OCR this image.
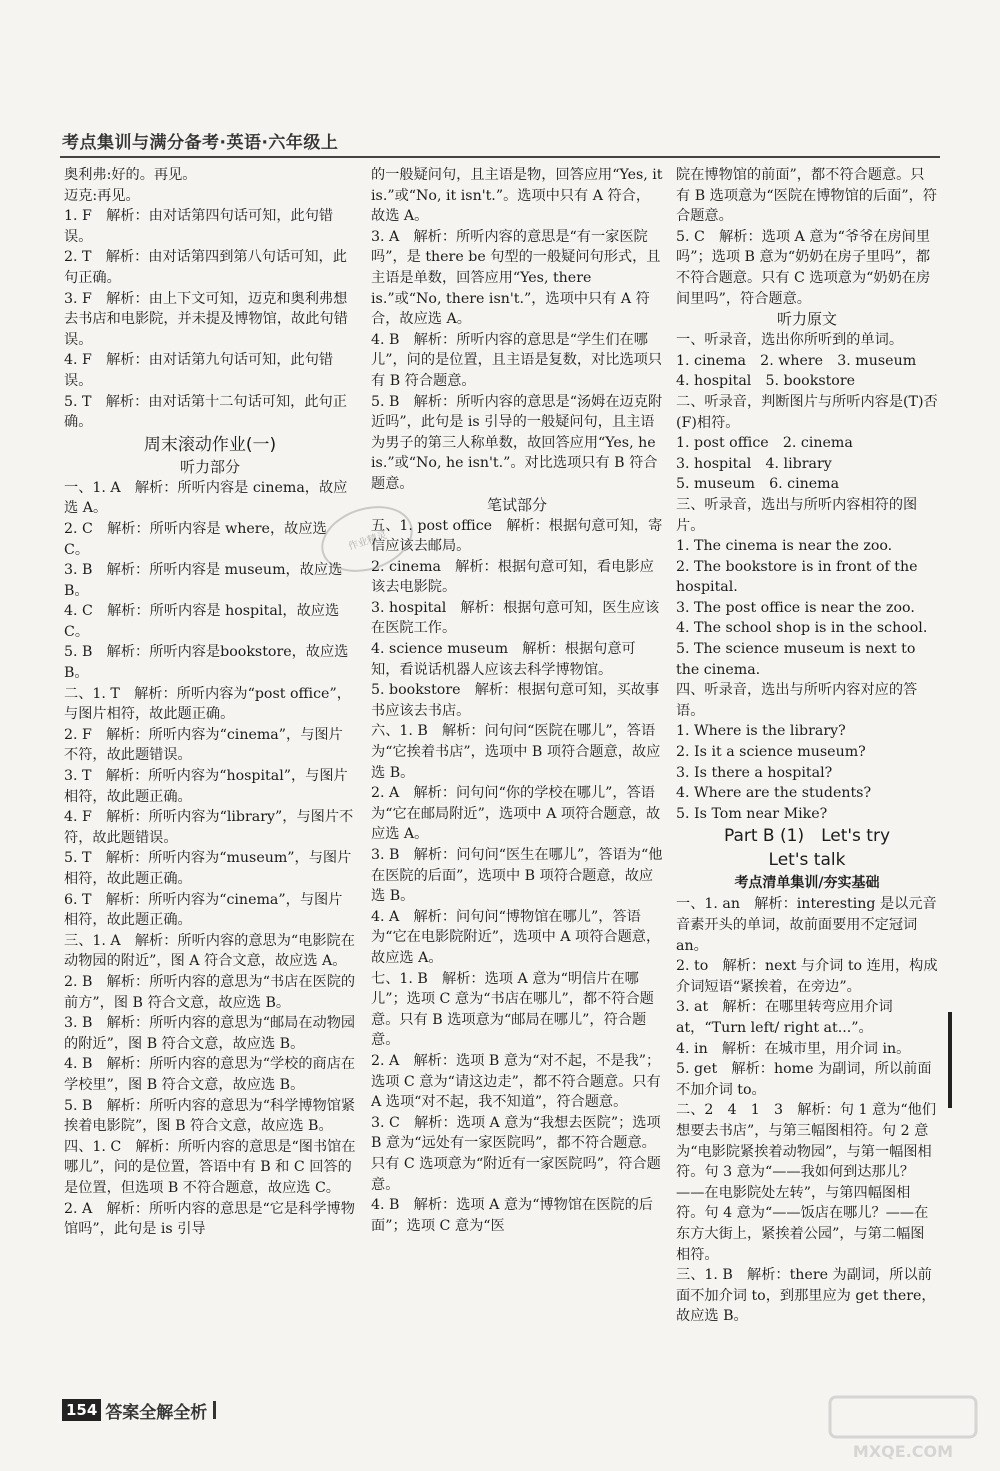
考点集训与满分备考·英语·六年级上

奥利弗:好的。再见。

迈克:再见。

1. F　解析：由对话第四句话可知，此句错误。

2. T　解析：由对话第四到第八句话可知，此句正确。

3. F　解析：由上下文可知，迈克和奥利弗想去书店和电影院，并未提及博物馆，故此句错误。

4. F　解析：由对话第九句话可知，此句错误。

5. T　解析：由对话第十二句话可知，此句正确。

周末滚动作业(一)
听力部分

一、1. A　解析：所听内容是 cinema，故应选 A。

2. C　解析：所听内容是 where，故应选 C。

3. B　解析：所听内容是 museum，故应选 B。

4. C　解析：所听内容是 hospital，故应选 C。

5. B　解析：所听内容是bookstore，故应选 B。

二、1. T　解析：所听内容为“post office”，与图片相符，故此题正确。

2. F　解析：所听内容为“cinema”，与图片不符，故此题错误。

3. T　解析：所听内容为“hospital”，与图片相符，故此题正确。

4. F　解析：所听内容为“library”，与图片不符，故此题错误。

5. T　解析：所听内容为“museum”，与图片相符，故此题正确。

6. T　解析：所听内容为“cinema”，与图片相符，故此题正确。

三、1. A　解析：所听内容的意思为“电影院在动物园的附近”，图 A 符合文意，故应选 A。

2. B　解析：所听内容的意思为“书店在医院的前方”，图 B 符合文意，故应选 B。

3. B　解析：所听内容的意思为“邮局在动物园的附近”，图 B 符合文意，故应选 B。

4. B　解析：所听内容的意思为“学校的商店在学校里”，图 B 符合文意，故应选 B。

5. B　解析：所听内容的意思为“科学博物馆紧挨着电影院”，图 B 符合文意，故应选 B。

四、1. C　解析：所听内容的意思是“图书馆在哪儿”，问的是位置，答语中有 B 和 C 回答的是位置，但选项 B 不符合题意，故应选 C。

2. A　解析：所听内容的意思是“它是科学博物馆吗”，此句是 is 引导

的一般疑问句，且主语是物，回答应用“Yes, it is.”或“No, it isn't.”。选项中只有 A 符合，故选 A。

3. A　解析：所听内容的意思是“有一家医院吗”，是 there be 句型的一般疑问句形式，且主语是单数，回答应用“Yes, there is.”或“No, there isn't.”，选项中只有 A 符合，故应选 A。

4. B　解析：所听内容的意思是“学生们在哪儿”，问的是位置，且主语是复数，对比选项只有 B 符合题意。

5. B　解析：所听内容的意思是“汤姆在迈克附近吗”，此句是 is 引导的一般疑问句，且主语为男子的第三人称单数，故回答应用“Yes, he is.”或“No, he isn't.”。对比选项只有 B 符合题意。

笔试部分

五、1. post office　解析：根据句意可知，寄信应该去邮局。

2. cinema　解析：根据句意可知，看电影应该去电影院。

3. hospital　解析：根据句意可知，医生应该在医院工作。

4. science museum　解析：根据句意可知，看说话机器人应该去科学博物馆。

5. bookstore　解析：根据句意可知，买故事书应该去书店。

六、1. B　解析：问句问“医院在哪儿”，答语为“它挨着书店”，选项中 B 项符合题意，故应选 B。

2. A　解析：问句问“你的学校在哪儿”，答语为“它在邮局附近”，选项中 A 项符合题意，故应选 A。

3. B　解析：问句问“医生在哪儿”，答语为“他在医院的后面”，选项中 B 项符合题意，故应选 B。

4. A　解析：问句问“博物馆在哪儿”，答语为“它在电影院附近”，选项中 A 项符合题意，故应选 A。

七、1. B　解析：选项 A 意为“明信片在哪儿”；选项 C 意为“书店在哪儿”，都不符合题意。只有 B 选项意为“邮局在哪儿”，符合题意。

2. A　解析：选项 B 意为“对不起，不是我”；选项 C 意为“请这边走”，都不符合题意。只有 A 选项“对不起，我不知道”，符合题意。

3. C　解析：选项 A 意为“我想去医院”；选项 B 意为“远处有一家医院吗”，都不符合题意。只有 C 选项意为“附近有一家医院吗”，符合题意。

4. B　解析：选项 A 意为“博物馆在医院的后面”；选项 C 意为“医

院在博物馆的前面”，都不符合题意。只有 B 选项意为“医院在博物馆的后面”，符合题意。

5. C　解析：选项 A 意为“爷爷在房间里吗”；选项 B 意为“奶奶在房子里吗”，都不符合题意。只有 C 选项意为“奶奶在房间里吗”，符合题意。

听力原文

一、听录音，选出你所听到的单词。

1. cinema　2. where　3. museum

4. hospital　5. bookstore

二、听录音，判断图片与所听内容是(T)否(F)相符。

1. post office　2. cinema

3. hospital　4. library

5. museum　6. cinema

三、听录音，选出与所听内容相符的图片。

1. The cinema is near the zoo.

2. The bookstore is in front of the hospital.

3. The post office is near the zoo.

4. The school shop is in the school.

5. The science museum is next to the cinema.

四、听录音，选出与所听内容对应的答语。

1. Where is the library?

2. Is it a science museum?

3. Is there a hospital?

4. Where are the students?

5. Is Tom near Mike?

Part B (1)　Let's try
Let's talk
考点清单集训/夯实基础

一、1. an　解析：interesting 是以元音音素开头的单词，故前面要用不定冠词 an。

2. to　解析：next 与介词 to 连用，构成介词短语“紧挨着，在旁边”。

3. at　解析：在哪里转弯应用介词 at，“Turn left/ right at...”。

4. in　解析：在城市里，用介词 in。

5. get　解析：home 为副词，所以前面不加介词 to。

二、2　4　1　3　解析：句 1 意为“他们想要去书店”，与第三幅图相符。句 2 意为“电影院紧挨着动物园”，与第一幅图相符。句 3 意为“——我如何到达那儿？——在电影院处左转”，与第四幅图相符。句 4 意为“——饭店在哪儿？——在东方大街上，紧挨着公园”，与第二幅图相符。

三、1. B　解析：there 为副词，所以前面不加介词 to，到那里应为 get there，故应选 B。

作业精灵
154 答案全解全析
MXQE.COM
